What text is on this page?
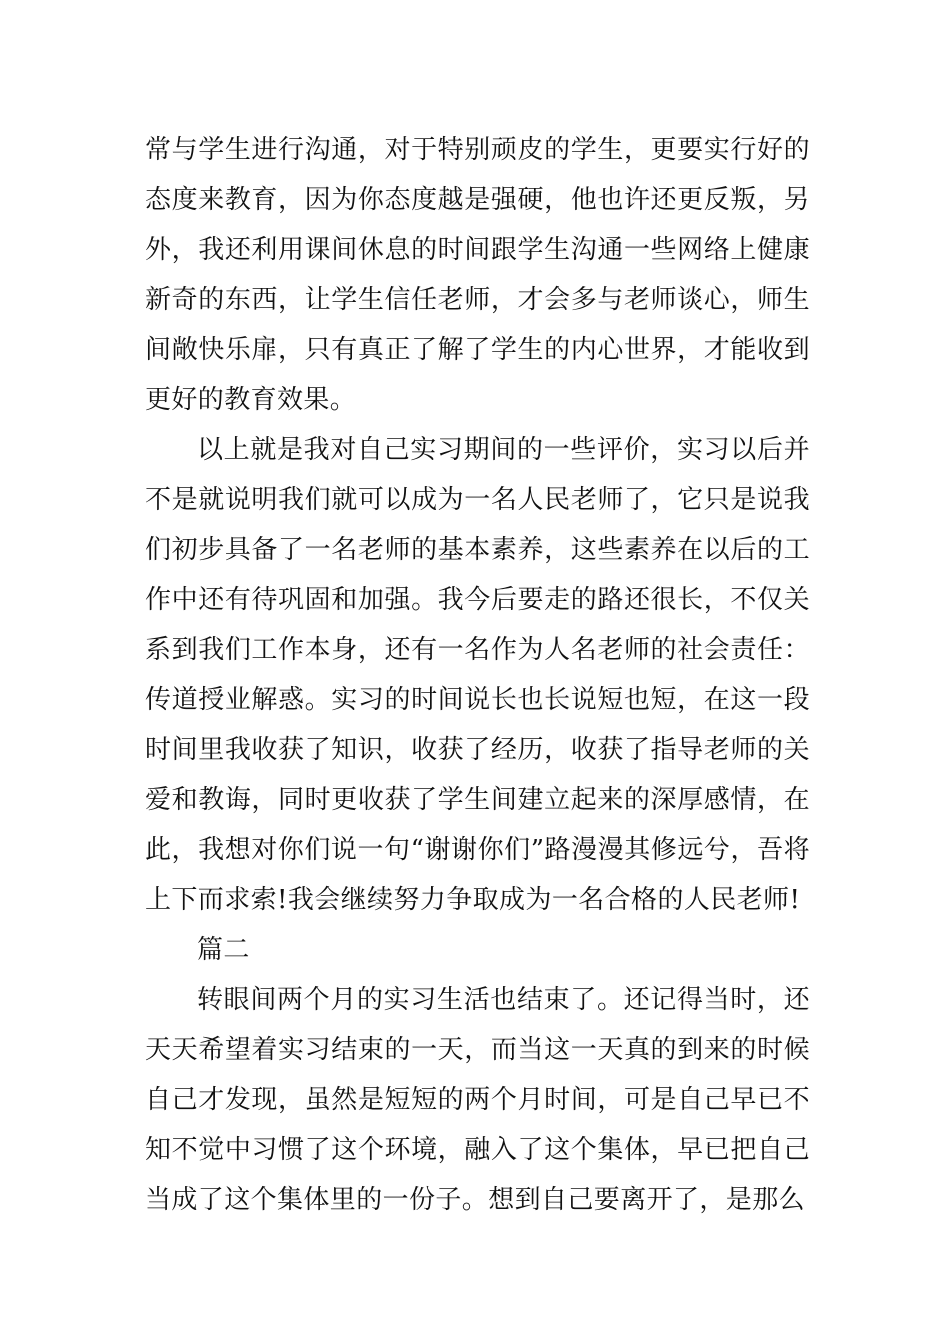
常与学生进行沟通，对于特别顽皮的学生，更要实行好的态度来教育，因为你态度越是强硬，他也许还更反叛，另外，我还利用课间休息的时间跟学生沟通一些网络上健康新奇的东西，让学生信任老师，才会多与老师谈心，师生间敞快乐扉，只有真正了解了学生的内心世界，才能收到更好的教育效果。

以上就是我对自己实习期间的一些评价，实习以后并不是就说明我们就可以成为一名人民老师了，它只是说我们初步具备了一名老师的基本素养，这些素养在以后的工作中还有待巩固和加强。我今后要走的路还很长，不仅关系到我们工作本身，还有一名作为人名老师的社会责任：传道授业解惑。实习的时间说长也长说短也短，在这一段时间里我收获了知识，收获了经历，收获了指导老师的关爱和教诲，同时更收获了学生间建立起来的深厚感情，在此，我想对你们说一句“谢谢你们”路漫漫其修远兮，吾将上下而求索!我会继续努力争取成为一名合格的人民老师!

篇二

转眼间两个月的实习生活也结束了。还记得当时，还天天希望着实习结束的一天，而当这一天真的到来的时候自己才发现，虽然是短短的两个月时间，可是自己早已不知不觉中习惯了这个环境，融入了这个集体，早已把自己当成了这个集体里的一份子。想到自己要离开了，是那么
